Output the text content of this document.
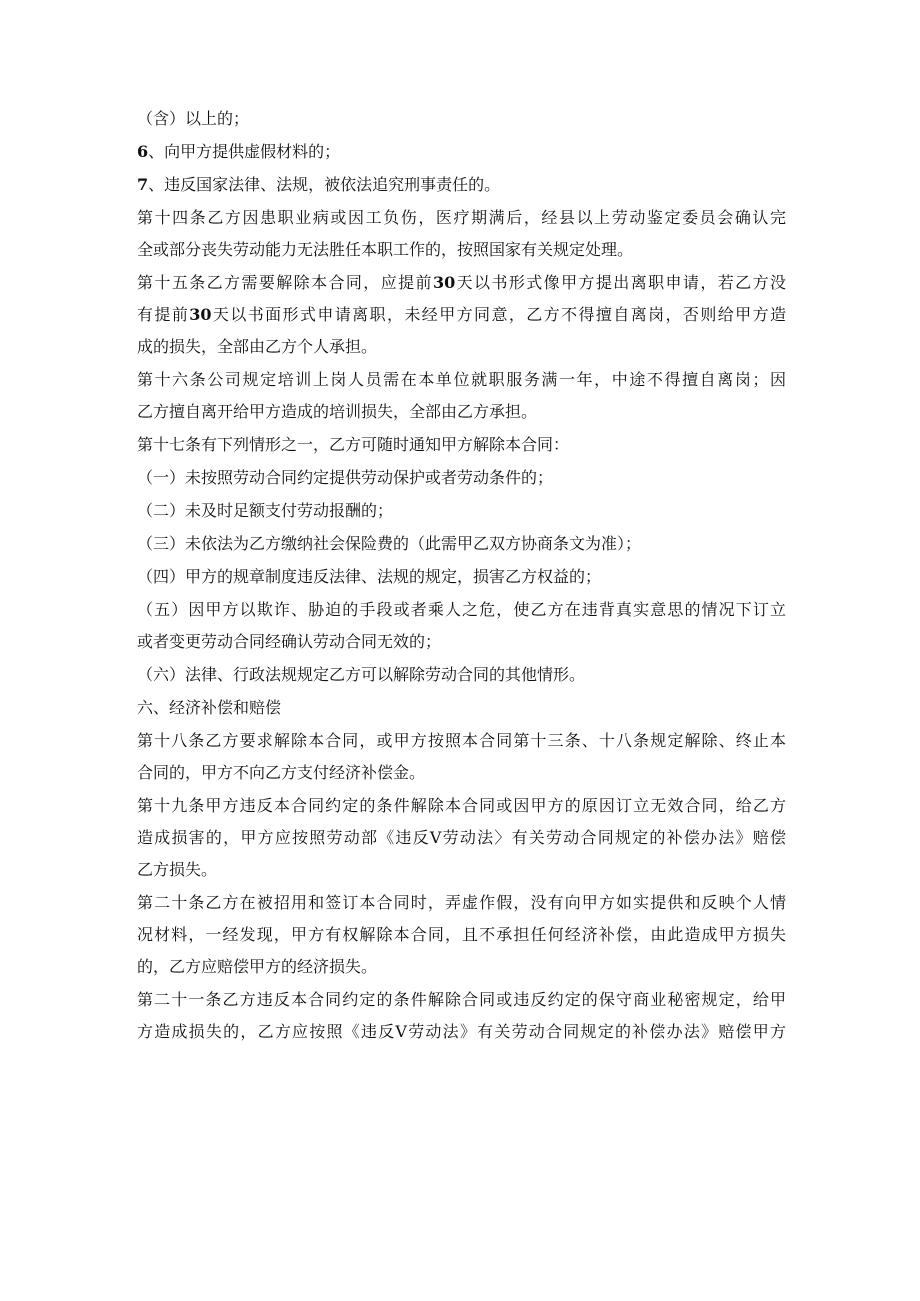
（含）以上的；

6、向甲方提供虚假材料的；

7、违反国家法律、法规，被依法追究刑事责任的。

第十四条乙方因患职业病或因工负伤，医疗期满后，经县以上劳动鉴定委员会确认完

全或部分丧失劳动能力无法胜任本职工作的，按照国家有关规定处理。

第十五条乙方需要解除本合同，应提前30天以书形式像甲方提出离职申请，若乙方没

有提前30天以书面形式申请离职，未经甲方同意，乙方不得擅自离岗，否则给甲方造

成的损失，全部由乙方个人承担。

第十六条公司规定培训上岗人员需在本单位就职服务满一年，中途不得擅自离岗；因

乙方擅自离开给甲方造成的培训损失，全部由乙方承担。

第十七条有下列情形之一，乙方可随时通知甲方解除本合同：

（一）未按照劳动合同约定提供劳动保护或者劳动条件的；

（二）未及时足额支付劳动报酬的；

（三）未依法为乙方缴纳社会保险费的（此需甲乙双方协商条文为准）；

（四）甲方的规章制度违反法律、法规的规定，损害乙方权益的；

（五）因甲方以欺诈、胁迫的手段或者乘人之危，使乙方在违背真实意思的情况下订立

或者变更劳动合同经确认劳动合同无效的；

（六）法律、行政法规规定乙方可以解除劳动合同的其他情形。

六、经济补偿和赔偿

第十八条乙方要求解除本合同，或甲方按照本合同第十三条、十八条规定解除、终止本

合同的，甲方不向乙方支付经济补偿金。

第十九条甲方违反本合同约定的条件解除本合同或因甲方的原因订立无效合同，给乙方

造成损害的，甲方应按照劳动部《违反V劳动法〉有关劳动合同规定的补偿办法》赔偿

乙方损失。

第二十条乙方在被招用和签订本合同时，弄虚作假，没有向甲方如实提供和反映个人情

况材料，一经发现，甲方有权解除本合同，且不承担任何经济补偿，由此造成甲方损失

的，乙方应赔偿甲方的经济损失。

第二十一条乙方违反本合同约定的条件解除合同或违反约定的保守商业秘密规定，给甲

方造成损失的，乙方应按照《违反V劳动法》有关劳动合同规定的补偿办法》赔偿甲方
